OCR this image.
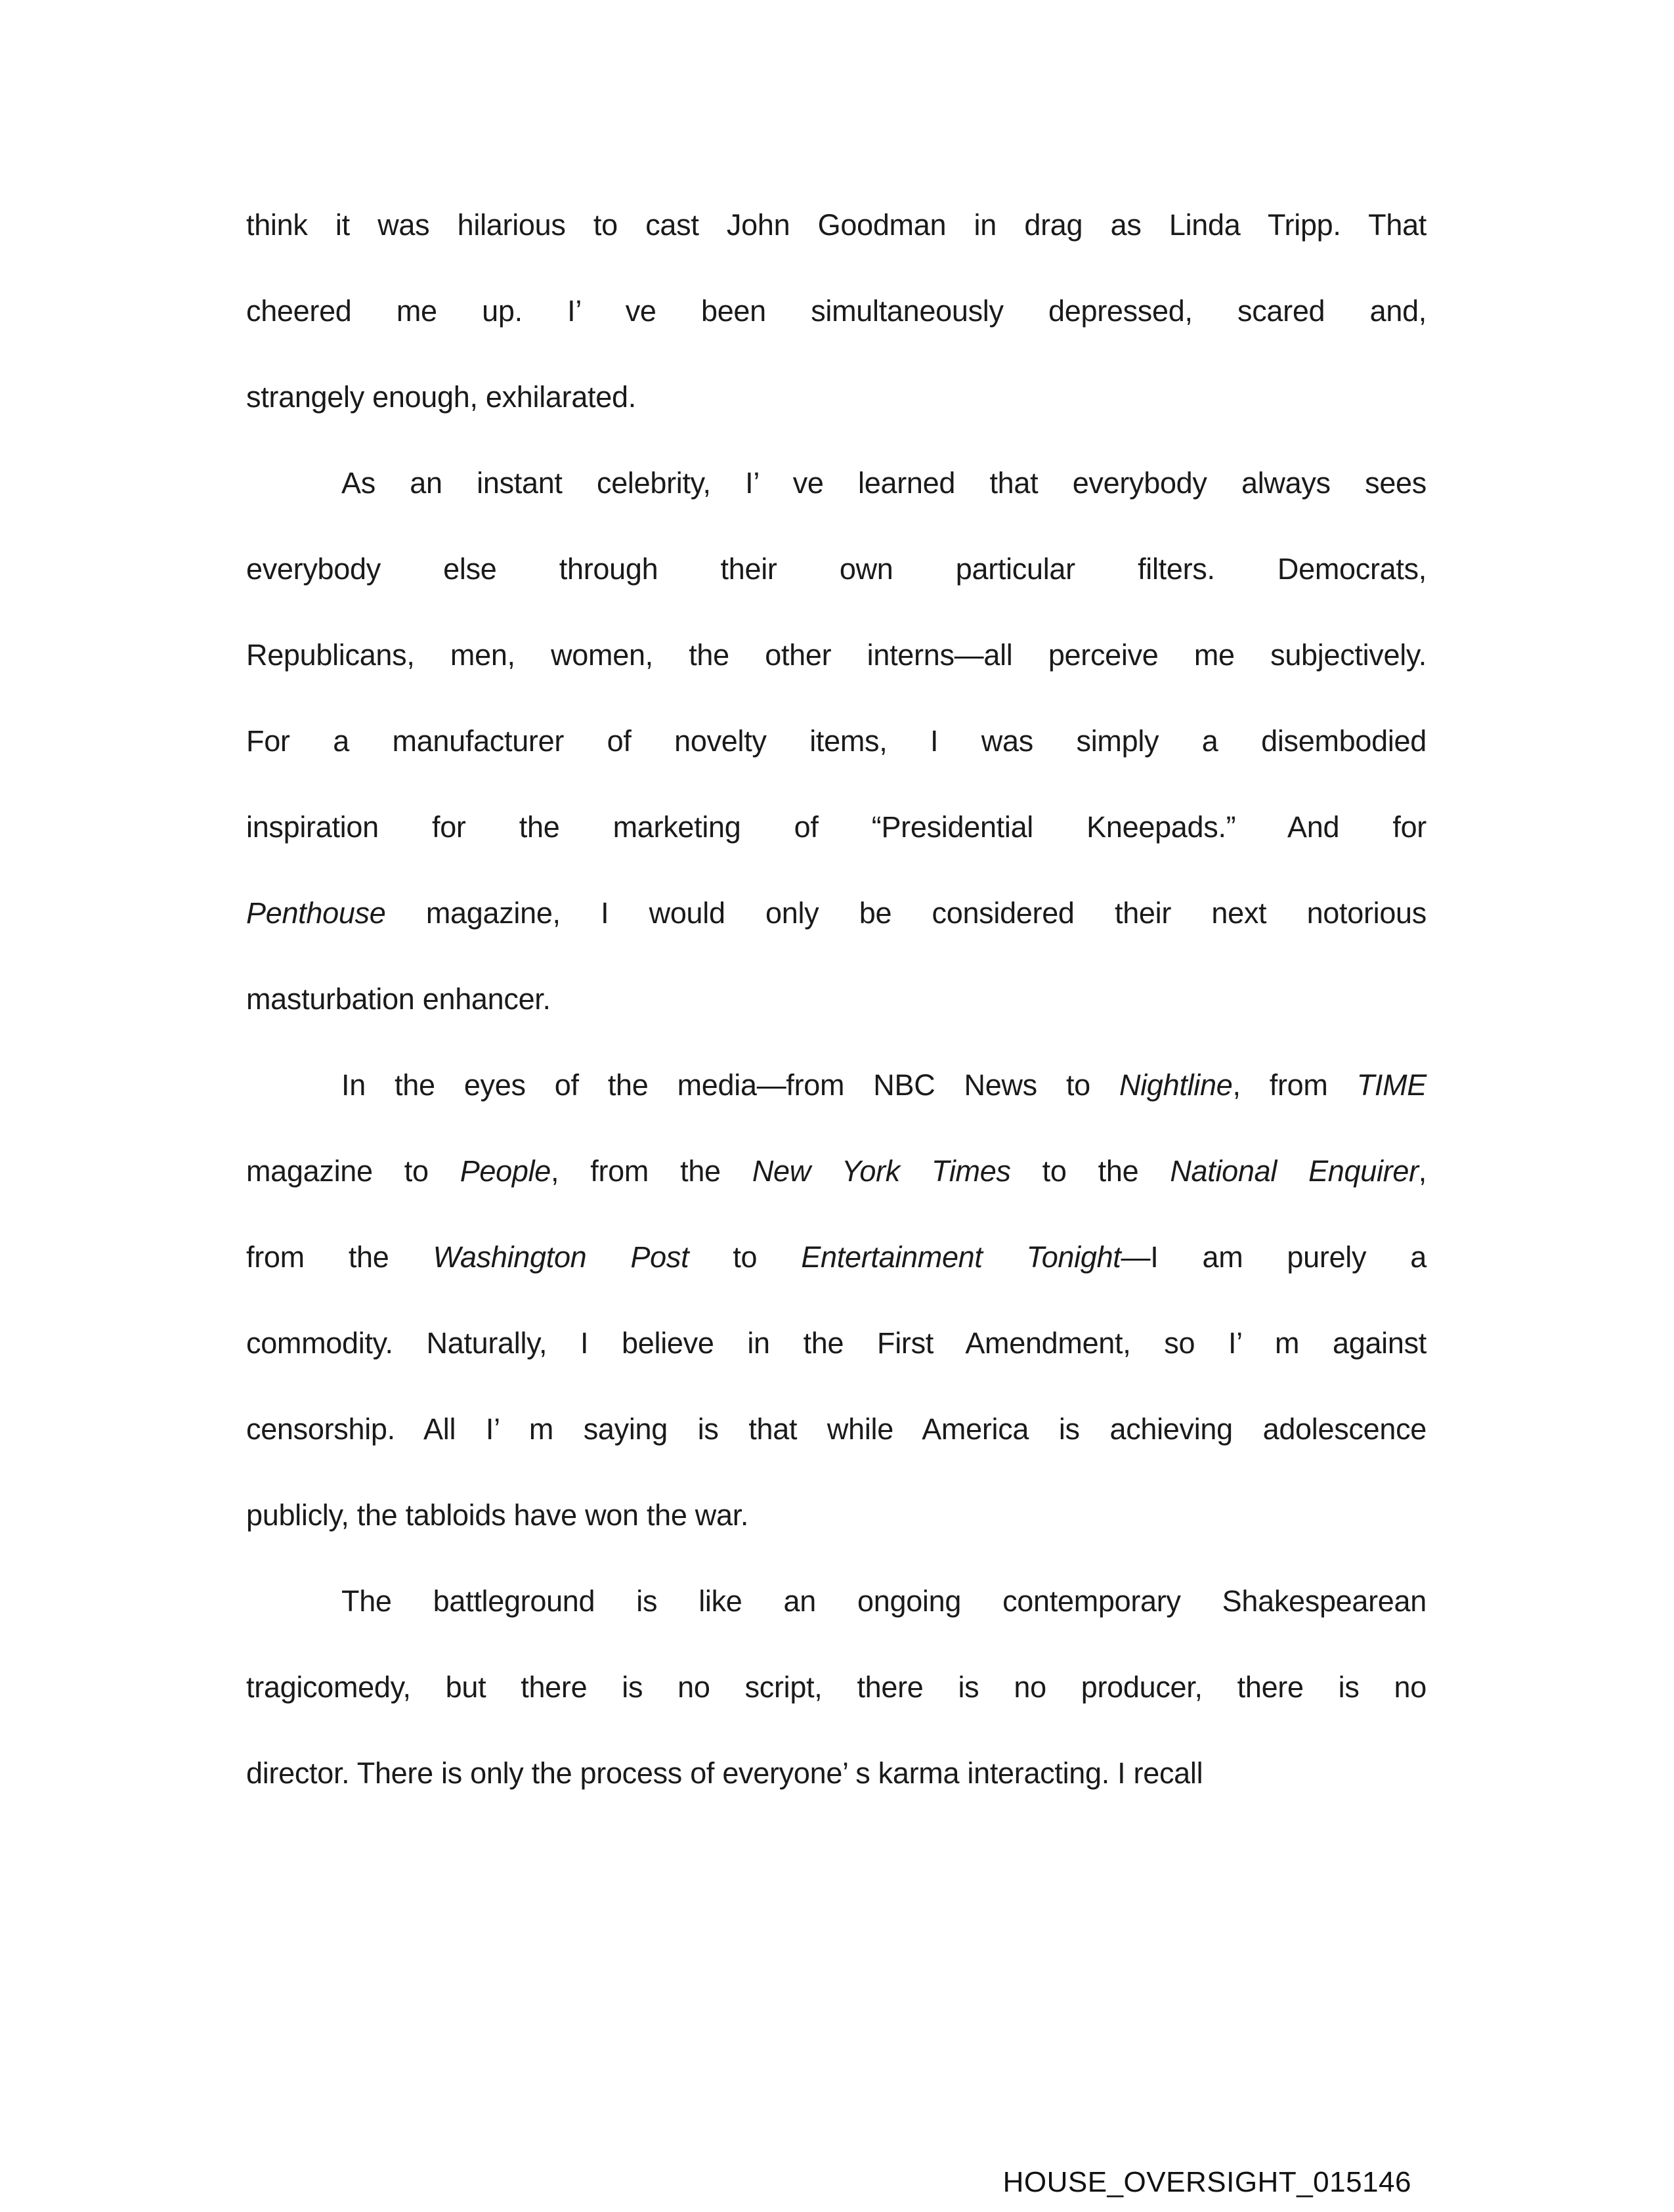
think it was hilarious to cast John Goodman in drag as Linda Tripp. That
cheered me up. I’ ve been simultaneously depressed, scared and,
strangely enough, exhilarated.
As an instant celebrity, I’ ve learned that everybody always sees
everybody else through their own particular filters. Democrats,
Republicans, men, women, the other interns—all perceive me subjectively.
For a manufacturer of novelty items, I was simply a disembodied
inspiration for the marketing of “Presidential Kneepads.” And for
Penthouse magazine, I would only be considered their next notorious
masturbation enhancer.
In the eyes of the media—from NBC News to Nightline, from TIME
magazine to People, from the New York Times to the National Enquirer,
from the Washington Post to Entertainment Tonight—I am purely a
commodity. Naturally, I believe in the First Amendment, so I’ m against
censorship. All I’ m saying is that while America is achieving adolescence
publicly, the tabloids have won the war.
The battleground is like an ongoing contemporary Shakespearean
tragicomedy, but there is no script, there is no producer, there is no
director. There is only the process of everyone’ s karma interacting. I recall
HOUSE_OVERSIGHT_015146
